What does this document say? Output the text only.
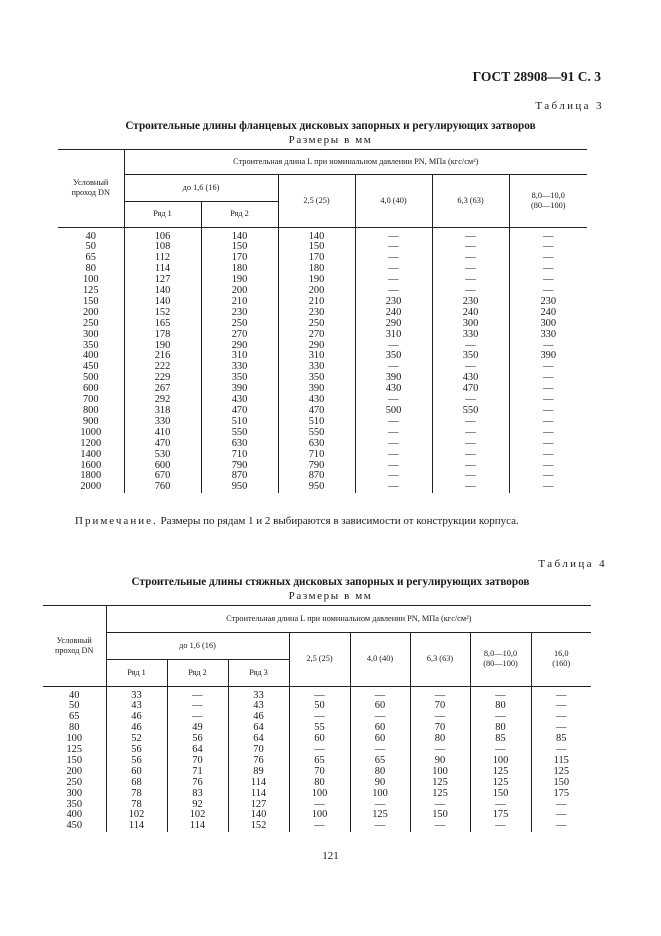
ГОСТ 28908—91 С. 3
Таблица 3
Строительные длины фланцевых дисковых запорных и регулирующих затворов
Размеры в мм
Условный проход DN	Строительная длина L при номинальном давлении PN, МПа (кгс/см²)					
	до 1,6 (16)		2,5 (25)	4,0 (40)	6,3 (63)	8,0—10,0
(80—100)
	Ряд 1	Ряд 2				
40	106	140	140	—	—	—
50	108	150	150	—	—	—
65	112	170	170	—	—	—
80	114	180	180	—	—	—
100	127	190	190	—	—	—
125	140	200	200	—	—	—
150	140	210	210	230	230	230
200	152	230	230	240	240	240
250	165	250	250	290	300	300
300	178	270	270	310	330	330
350	190	290	290	—	—	—
400	216	310	310	350	350	390
450	222	330	330	—	—	—
500	229	350	350	390	430	—
600	267	390	390	430	470	—
700	292	430	430	—	—	—
800	318	470	470	500	550	—
900	330	510	510	—	—	—
1000	410	550	550	—	—	—
1200	470	630	630	—	—	—
1400	530	710	710	—	—	—
1600	600	790	790	—	—	—
1800	670	870	870	—	—	—
2000	760	950	950	—	—	—
Примечание. Размеры по рядам 1 и 2 выбираются в зависимости от конструкции корпуса.
Таблица 4
Строительные длины стяжных дисковых запорных и регулирующих затворов
Размеры в мм
Условный проход DN	Строительная длина L при номинальном давлении PN, МПа (кгс/см²)							
	до 1,6 (16)			2,5 (25)	4,0 (40)	6,3 (63)	8,0—10,0
(80—100)	16,0
(160)
	Ряд 1	Ряд 2	Ряд 3					
40	33	—	33	—	—	—	—	—
50	43	—	43	50	60	70	80	—
65	46	—	46	—	—	—	—	—
80	46	49	64	55	60	70	80	—
100	52	56	64	60	60	80	85	85
125	56	64	70	—	—	—	—	—
150	56	70	76	65	65	90	100	115
200	60	71	89	70	80	100	125	125
250	68	76	114	80	90	125	125	150
300	78	83	114	100	100	125	150	175
350	78	92	127	—	—	—	—	—
400	102	102	140	100	125	150	175	—
450	114	114	152	—	—	—	—	—
121
